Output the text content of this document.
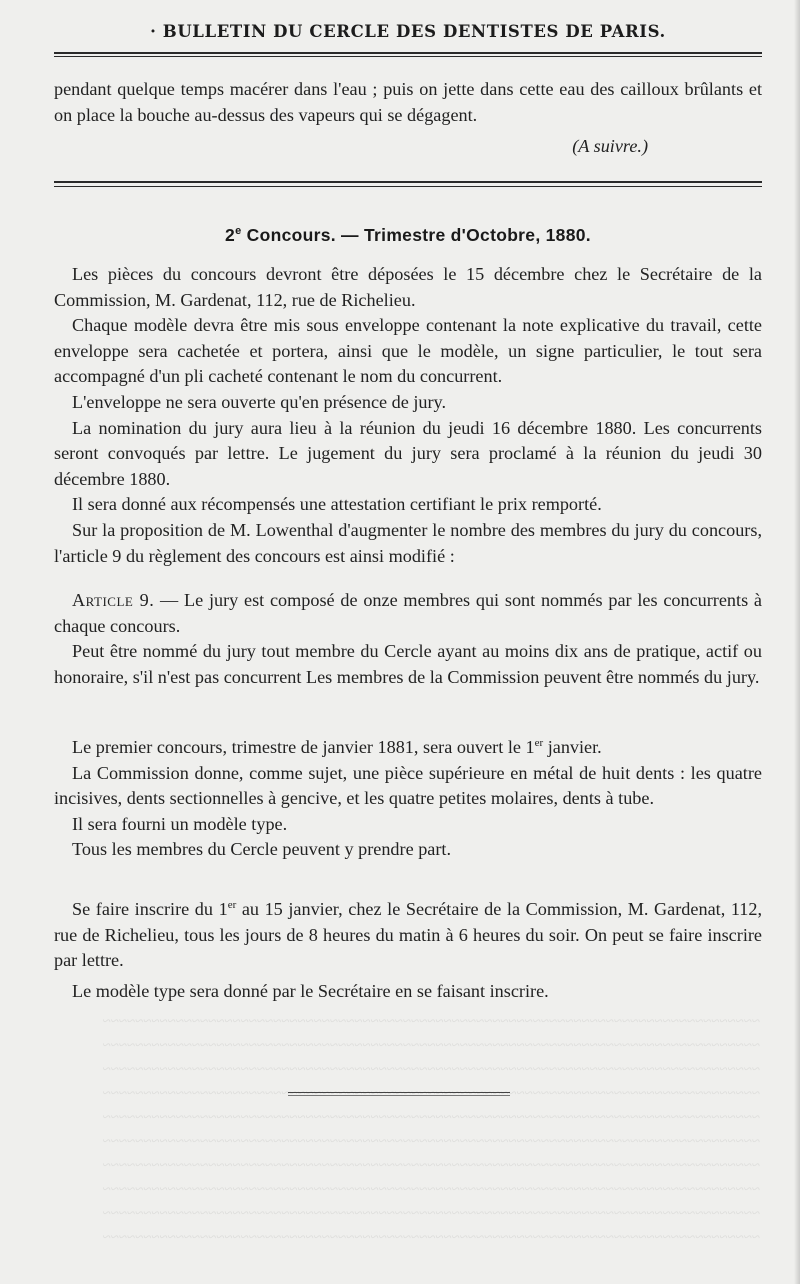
~~~~~~~~~~~~~~~~~~~~~~~~~~~~~~~~~~~~~~~~~~~~~~~~~~~~~~~~~~~~~~~~~~~~~~~~~~~~~~~~~
~~~~~~~~~~~~~~~~~~~~~~~~~~~~~~~~~~~~~~~~~~~~~~~~~~~~~~~~~~~~~~~~~~~~~~~~~~~~~~~~~
~~~~~~~~~~~~~~~~~~~~~~~~~~~~~~~~~~~~~~~~~~~~~~~~~~~~~~~~~~~~~~~~~~~~~~~~~~~~~~~~~
~~~~~~~~~~~~~~~~~~~~~~~~~~~~~~~~~~~~~~~~~~~~~~~~~~~~~~~~~~~~~~~~~~~~~~~~~~~~~~~~~
~~~~~~~~~~~~~~~~~~~~~~~~~~~~~~~~~~~~~~~~~~~~~~~~~~~~~~~~~~~~~~~~~~~~~~~~~~~~~~~~~
~~~~~~~~~~~~~~~~~~~~~~~~~~~~~~~~~~~~~~~~~~~~~~~~~~~~~~~~~~~~~~~~~~~~~~~~~~~~~~~~~
~~~~~~~~~~~~~~~~~~~~~~~~~~~~~~~~~~~~~~~~~~~~~~~~~~~~~~~~~~~~~~~~~~~~~~~~~~~~~~~~~
~~~~~~~~~~~~~~~~~~~~~~~~~~~~~~~~~~~~~~~~~~~~~~~~~~~~~~~~~~~~~~~~~~~~~~~~~~~~~~~~~
~~~~~~~~~~~~~~~~~~~~~~~~~~~~~~~~~~~~~~~~~~~~~~~~~~~~~~~~~~~~~~~~~~~~~~~~~~~~~~~~~
~~~~~~~~~~~~~~~~~~~~~~~~~~~~~~~~~~~~~~~~~~~~~~~~~~~~~~~~~~~~~~~~~~~~~~~~~~~~~~~~~
· BULLETIN DU CERCLE DES DENTISTES DE PARIS.

pendant quelque temps macérer dans l'eau ; puis on jette dans cette eau des cailloux brûlants et on place la bouche au-dessus des vapeurs qui se dégagent.

(A suivre.)
2e Concours. — Trimestre d'Octobre, 1880.

Les pièces du concours devront être déposées le 15 décembre chez le Secrétaire de la Commission, M. Gardenat, 112, rue de Richelieu.

Chaque modèle devra être mis sous enveloppe contenant la note explicative du travail, cette enveloppe sera cachetée et portera, ainsi que le modèle, un signe particulier, le tout sera accompagné d'un pli cacheté contenant le nom du concurrent.

L'enveloppe ne sera ouverte qu'en présence de jury.

La nomination du jury aura lieu à la réunion du jeudi 16 décembre 1880. Les concurrents seront convoqués par lettre. Le jugement du jury sera proclamé à la réunion du jeudi 30 décembre 1880.

Il sera donné aux récompensés une attestation certifiant le prix remporté.

Sur la proposition de M. Lowenthal d'augmenter le nombre des membres du jury du concours, l'article 9 du règlement des concours est ainsi modifié :

Article 9. — Le jury est composé de onze membres qui sont nommés par les concurrents à chaque concours.

Peut être nommé du jury tout membre du Cercle ayant au moins dix ans de pratique, actif ou honoraire, s'il n'est pas concurrent Les membres de la Commission peuvent être nommés du jury.

Le premier concours, trimestre de janvier 1881, sera ouvert le 1er janvier.

La Commission donne, comme sujet, une pièce supérieure en métal de huit dents : les quatre incisives, dents sectionnelles à gencive, et les quatre petites molaires, dents à tube.

Il sera fourni un modèle type.

Tous les membres du Cercle peuvent y prendre part.

Se faire inscrire du 1er au 15 janvier, chez le Secrétaire de la Commission, M. Gardenat, 112, rue de Richelieu, tous les jours de 8 heures du matin à 6 heures du soir. On peut se faire inscrire par lettre.

Le modèle type sera donné par le Secrétaire en se faisant inscrire.
